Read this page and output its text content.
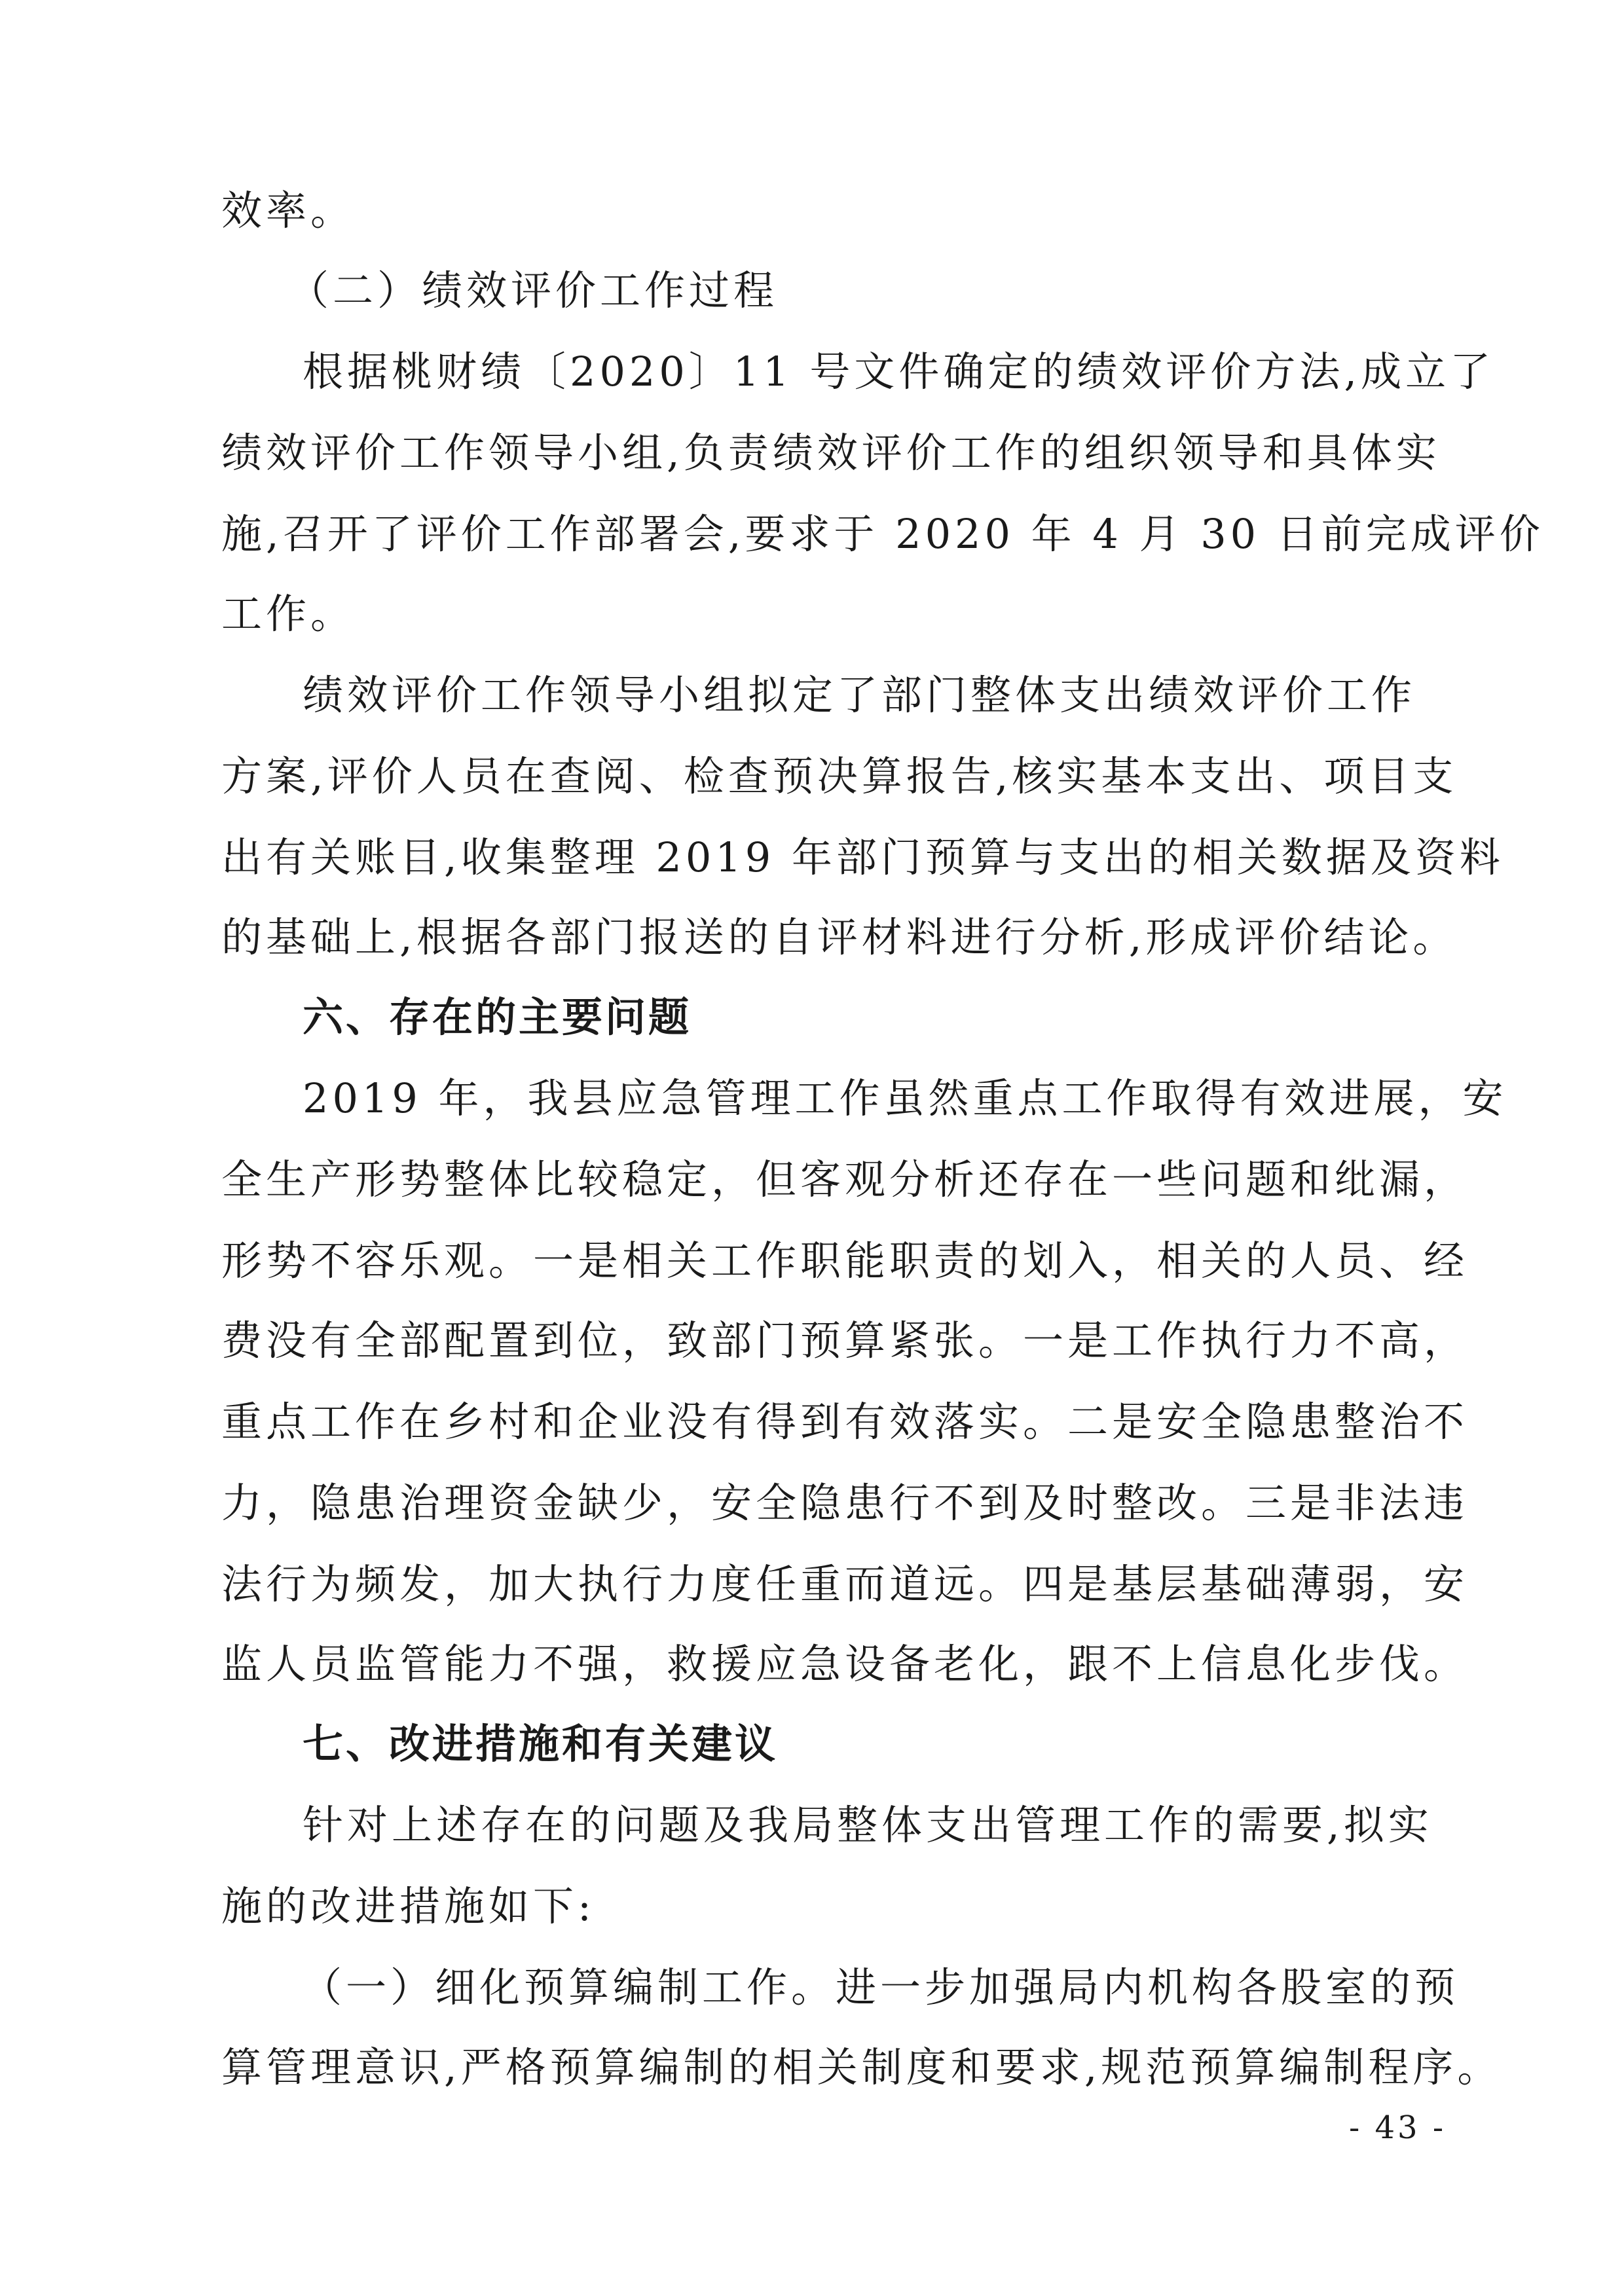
效率。
（二）绩效评价工作过程
根据桃财绩〔2020〕11 号文件确定的绩效评价方法,成立了
绩效评价工作领导小组,负责绩效评价工作的组织领导和具体实
施,召开了评价工作部署会,要求于 2020 年 4 月 30 日前完成评价
工作。
绩效评价工作领导小组拟定了部门整体支出绩效评价工作
方案,评价人员在查阅、检查预决算报告,核实基本支出、项目支
出有关账目,收集整理 2019 年部门预算与支出的相关数据及资料
的基础上,根据各部门报送的自评材料进行分析,形成评价结论。
六、存在的主要问题
2019 年，我县应急管理工作虽然重点工作取得有效进展，安
全生产形势整体比较稳定，但客观分析还存在一些问题和纰漏，
形势不容乐观。一是相关工作职能职责的划入，相关的人员、经
费没有全部配置到位，致部门预算紧张。一是工作执行力不高，
重点工作在乡村和企业没有得到有效落实。二是安全隐患整治不
力，隐患治理资金缺少，安全隐患行不到及时整改。三是非法违
法行为频发，加大执行力度任重而道远。四是基层基础薄弱，安
监人员监管能力不强，救援应急设备老化，跟不上信息化步伐。
七、改进措施和有关建议
针对上述存在的问题及我局整体支出管理工作的需要,拟实
施的改进措施如下:
（一）细化预算编制工作。进一步加强局内机构各股室的预
算管理意识,严格预算编制的相关制度和要求,规范预算编制程序。
- 43 -
